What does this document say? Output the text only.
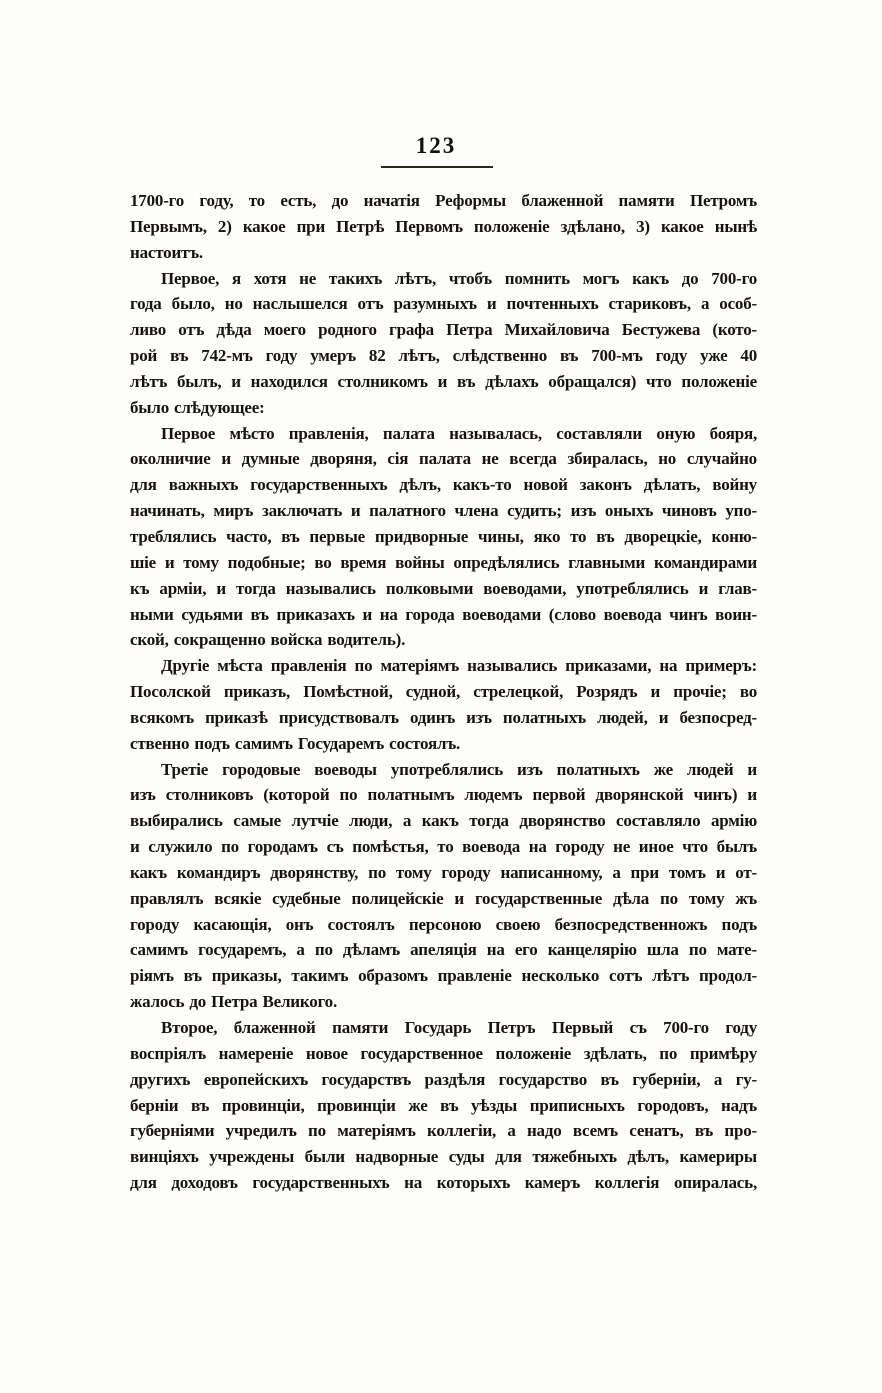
123
1700-го году, то есть, до начатія Реформы блаженной памяти Петромъ
Первымъ, 2) какое при Петрѣ Первомъ положеніе здѣлано, 3) какое нынѣ
настоитъ.
Первое, я хотя не такихъ лѣтъ, чтобъ помнить могъ какъ до 700-го
года было, но наслышелся отъ разумныхъ и почтенныхъ стариковъ, а особ-
ливо отъ дѣда моего родного графа Петра Михайловича Бестужева (кото-
рой въ 742-мъ году умеръ 82 лѣтъ, слѣдственно въ 700-мъ году уже 40
лѣтъ былъ, и находился столникомъ и въ дѣлахъ обращался) что положеніе
было слѣдующее:
Первое мѣсто правленія, палата называлась, составляли оную бояря,
околничие и думные дворяня, сія палата не всегда збиралась, но случайно
для важныхъ государственныхъ дѣлъ, какъ-то новой законъ дѣлать, войну
начинать, миръ заключать и палатного члена судить; изъ оныхъ чиновъ упо-
треблялись часто, въ первые придворные чины, яко то въ дворецкіе, коню-
шіе и тому подобные; во время войны опредѣлялись главными командирами
къ арміи, и тогда назывались полковыми воеводами, употреблялись и глав-
ными судьями въ приказахъ и на города воеводами (слово воевода чинъ воин-
ской, сокращенно войска водитель).
Другіе мѣста правленія по матеріямъ назывались приказами, на примеръ:
Посолской приказъ, Помѣстной, судной, стрелецкой, Розрядъ и прочіе; во
всякомъ приказѣ присудствовалъ одинъ изъ полатныхъ людей, и безпосред-
ственно подъ самимъ Государемъ состоялъ.
Третіе городовые воеводы употреблялись изъ полатныхъ же людей и
изъ столниковъ (которой по полатнымъ людемъ первой дворянской чинъ) и
выбирались самые лутчіе люди, а какъ тогда дворянство составляло армію
и служило по городамъ съ помѣстья, то воевода на городу не иное что былъ
какъ командиръ дворянству, по тому городу написанному, а при томъ и от-
правлялъ всякіе судебные полицейскіе и государственные дѣла по тому жъ
городу касающія, онъ состоялъ персоною своею безпосредственножъ подъ
самимъ государемъ, а по дѣламъ апеляція на его канцелярію шла по мате-
ріямъ въ приказы, такимъ образомъ правленіе несколько сотъ лѣтъ продол-
жалось до Петра Великого.
Второе, блаженной памяти Государь Петръ Первый съ 700-го году
воспріялъ намереніе новое государственное положеніе здѣлать, по примѣру
другихъ европейскихъ государствъ раздѣля государство въ губерніи, а гу-
берніи въ провинціи, провинціи же въ уѣзды приписныхъ городовъ, надъ
губерніями учредилъ по матеріямъ коллегіи, а надо всемъ сенатъ, въ про-
винціяхъ учреждены были надворные суды для тяжебныхъ дѣлъ, камериры
для доходовъ государственныхъ на которыхъ камеръ коллегія опиралась,
